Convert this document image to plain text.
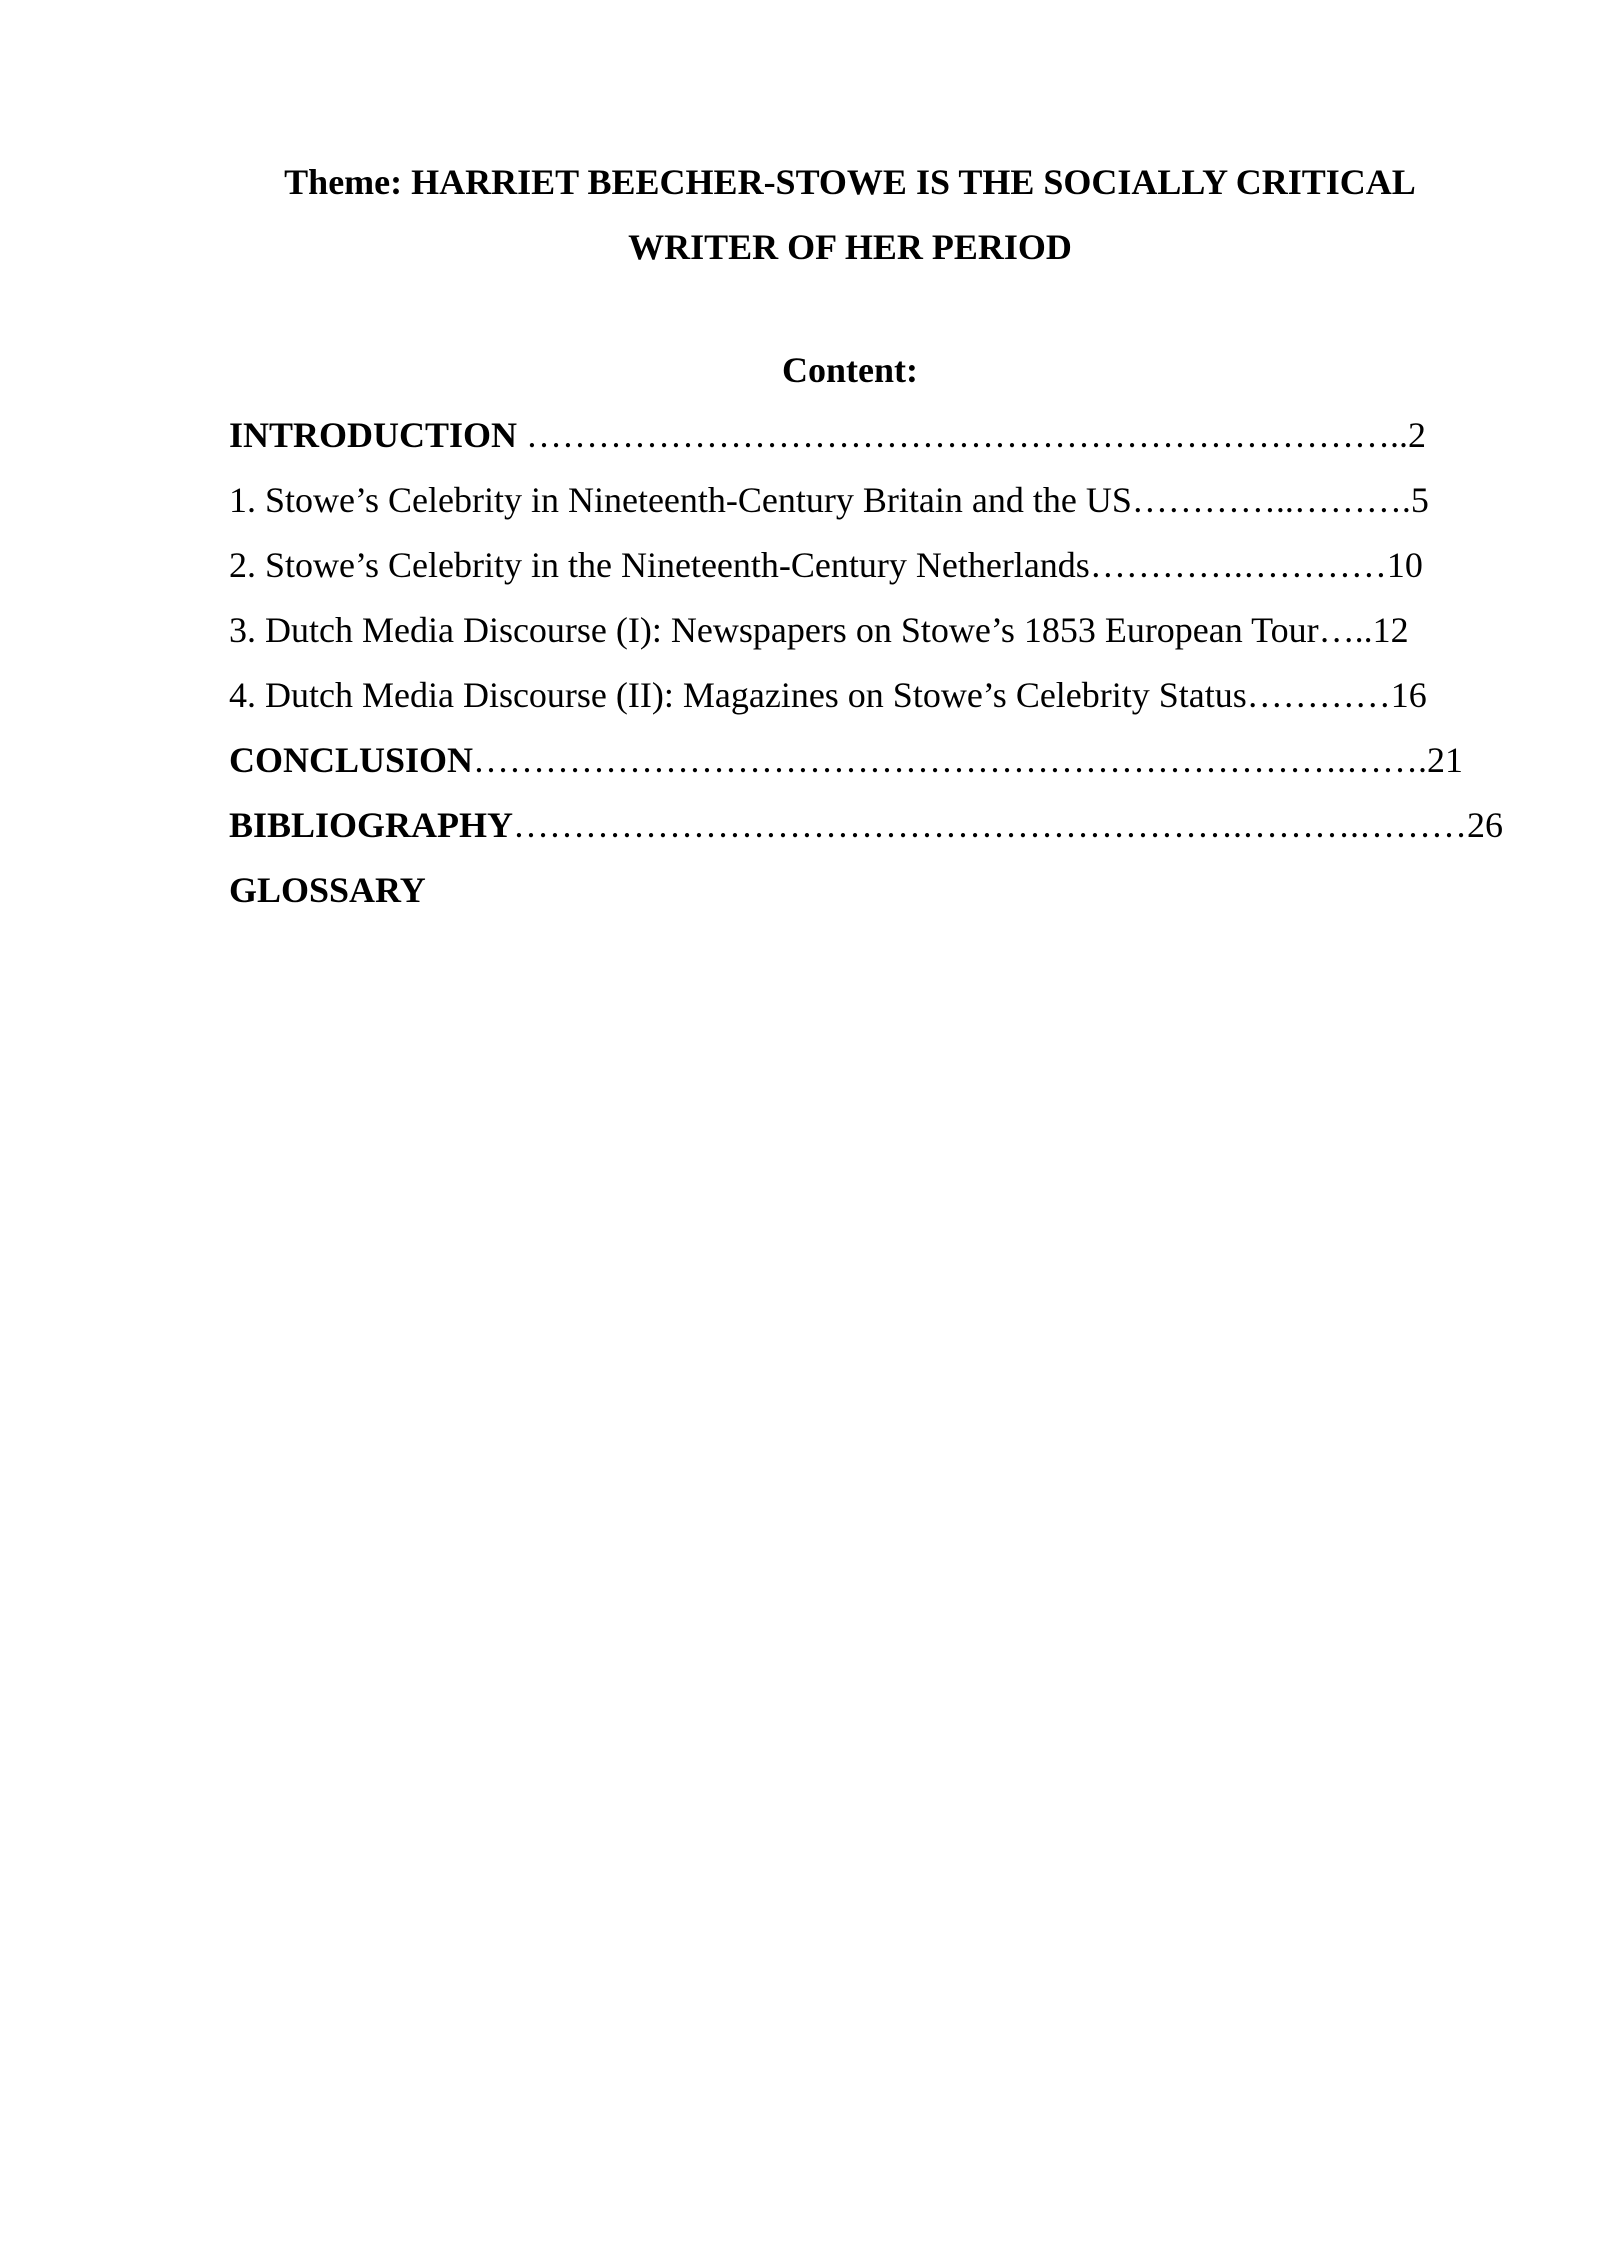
Theme: HARRIET BEECHER-STOWE IS THE SOCIALLY CRITICAL
WRITER OF HER PERIOD
Content:
INTRODUCTION ………………………………………………………………..2
1. Stowe’s Celebrity in Nineteenth-Century Britain and the US…………..……….5
2. Stowe’s Celebrity in the Nineteenth-Century Netherlands………….…………10
3. Dutch Media Discourse (I): Newspapers on Stowe’s 1853 European Tour…..12
4. Dutch Media Discourse (II): Magazines on Stowe’s Celebrity Status…………16
CONCLUSION……………………………………………………………….…….21
BIBLIOGRAPHY…………………………………………………….……….………26
GLOSSARY
